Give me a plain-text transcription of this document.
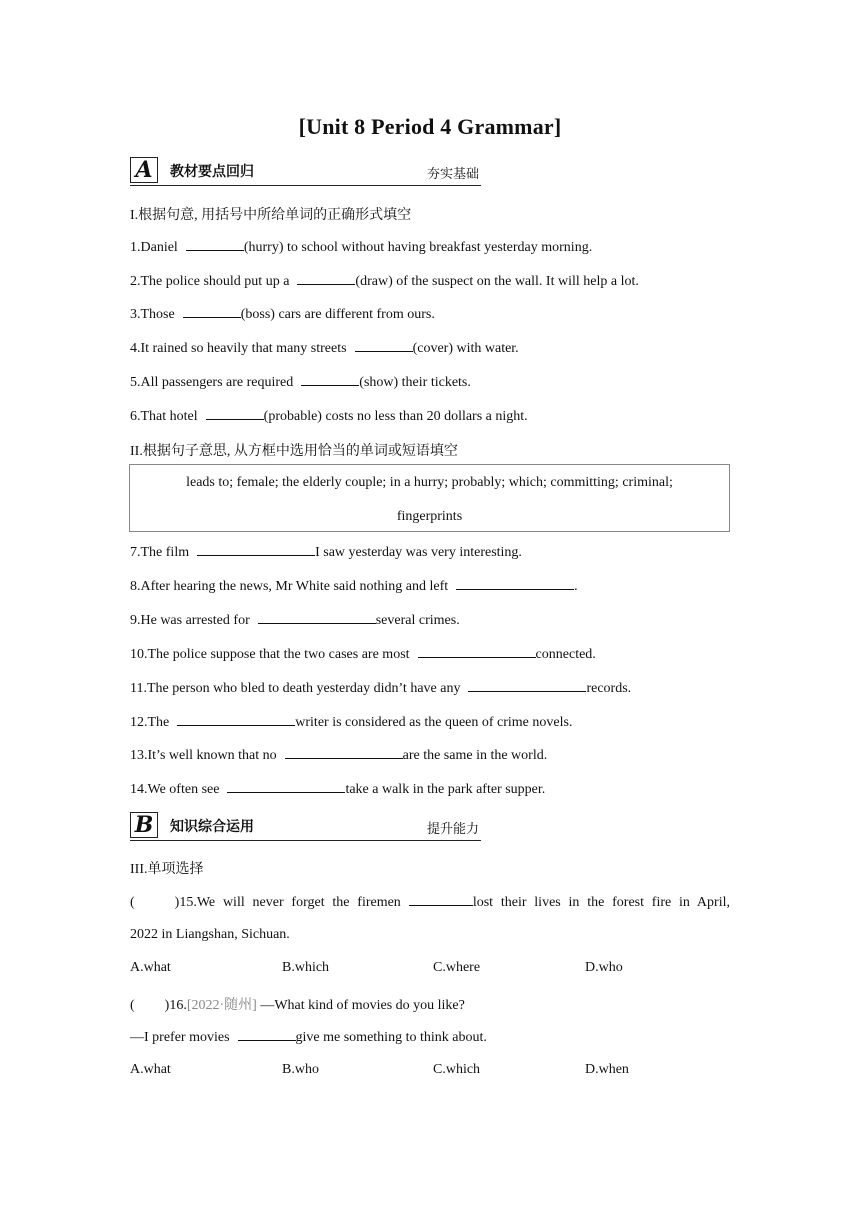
[Unit 8 Period 4 Grammar]
A	教材要点回归	夯实基础
I.根据句意, 用括号中所给单词的正确形式填空
1.Daniel	(hurry) to school without having breakfast yesterday morning.
2.The police should put up a	(draw) of the suspect on the wall. It will help a lot.
3.Those	(boss) cars are different from ours.
4.It rained so heavily that many streets	(cover) with water.
5.All passengers are required	(show) their tickets.
6.That hotel	(probable) costs no less than 20 dollars a night.
II.根据句子意思, 从方框中选用恰当的单词或短语填空
leads to; female; the elderly couple; in a hurry; probably; which; committing; criminal;
fingerprints
7.The film	I saw yesterday was very interesting.
8.After hearing the news, Mr White said nothing and left	.
9.He was arrested for	several crimes.
10.The police suppose that the two cases are most	connected.
11.The person who bled to death yesterday didn’t have any	records.
12.The	writer is considered as the queen of crime novels.
13.It’s well known that no	are the same in the world.
14.We often see	take a walk in the park after supper.
B	知识综合运用	提升能力
III.单项选择
(	)15.We will never forget the firemen	lost their lives in the forest fire in April,
2022 in Liangshan, Sichuan.
A.what	B.which	C.where	D.who
( )16.[2022·随州] —What kind of movies do you like?
—I prefer movies	give me something to think about.
A.what	B.who	C.which	D.when
